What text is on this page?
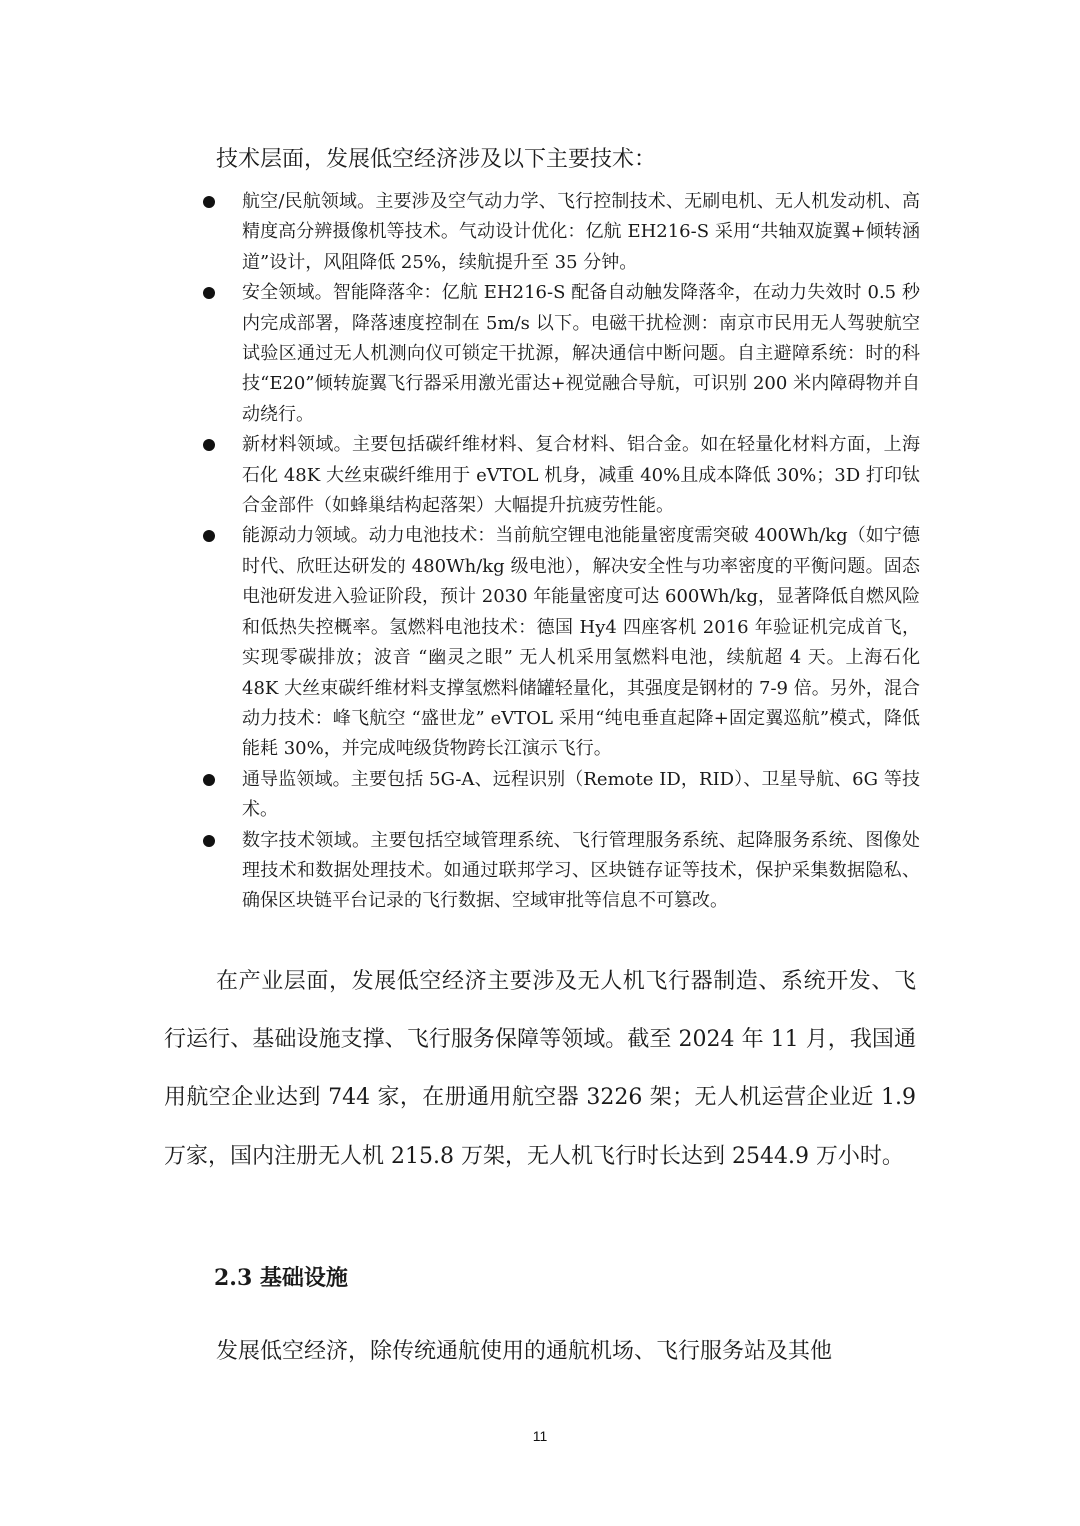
技术层面，发展低空经济涉及以下主要技术：

航空/民航领域。主要涉及空气动力学、飞行控制技术、无刷电机、无人机发动机、高精度高分辨摄像机等技术。气动设计优化：亿航 EH216-S 采用“共轴双旋翼+倾转涵道”设计，风阻降低 25%，续航提升至 35 分钟。
安全领域。智能降落伞：亿航 EH216-S 配备自动触发降落伞，在动力失效时 0.5 秒内完成部署，降落速度控制在 5m/s 以下。电磁干扰检测：南京市民用无人驾驶航空试验区通过无人机测向仪可锁定干扰源，解决通信中断问题。自主避障系统：时的科技“E20”倾转旋翼飞行器采用激光雷达+视觉融合导航，可识别 200 米内障碍物并自动绕行。
新材料领域。主要包括碳纤维材料、复合材料、铝合金。如在轻量化材料方面，上海石化 48K 大丝束碳纤维用于 eVTOL 机身，减重 40%且成本降低 30%；3D 打印钛合金部件（如蜂巢结构起落架）大幅提升抗疲劳性能。
能源动力领域。动力电池技术：当前航空锂电池能量密度需突破 400Wh/kg（如宁德时代、欣旺达研发的 480Wh/kg 级电池），解决安全性与功率密度的平衡问题。固态电池研发进入验证阶段，预计 2030 年能量密度可达 600Wh/kg，显著降低自燃风险和低热失控概率。氢燃料电池技术：德国 Hy4 四座客机 2016 年验证机完成首飞，实现零碳排放；波音 “幽灵之眼” 无人机采用氢燃料电池，续航超 4 天。上海石化 48K 大丝束碳纤维材料支撑氢燃料储罐轻量化，其强度是钢材的 7-9 倍。另外，混合动力技术：峰飞航空 “盛世龙” eVTOL 采用“纯电垂直起降+固定翼巡航”模式，降低能耗 30%，并完成吨级货物跨长江演示飞行。
通导监领域。主要包括 5G-A、远程识别（Remote ID，RID）、卫星导航、6G 等技术。
数字技术领域。主要包括空域管理系统、飞行管理服务系统、起降服务系统、图像处理技术和数据处理技术。如通过联邦学习、区块链存证等技术，保护采集数据隐私、确保区块链平台记录的飞行数据、空域审批等信息不可篡改。

在产业层面，发展低空经济主要涉及无人机飞行器制造、系统开发、飞行运行、基础设施支撑、飞行服务保障等领域。截至 2024 年 11 月，我国通用航空企业达到 744 家，在册通用航空器 3226 架；无人机运营企业近 1.9 万家，国内注册无人机 215.8 万架，无人机飞行时长达到 2544.9 万小时。

2.3 基础设施

发展低空经济，除传统通航使用的通航机场、飞行服务站及其他

11
